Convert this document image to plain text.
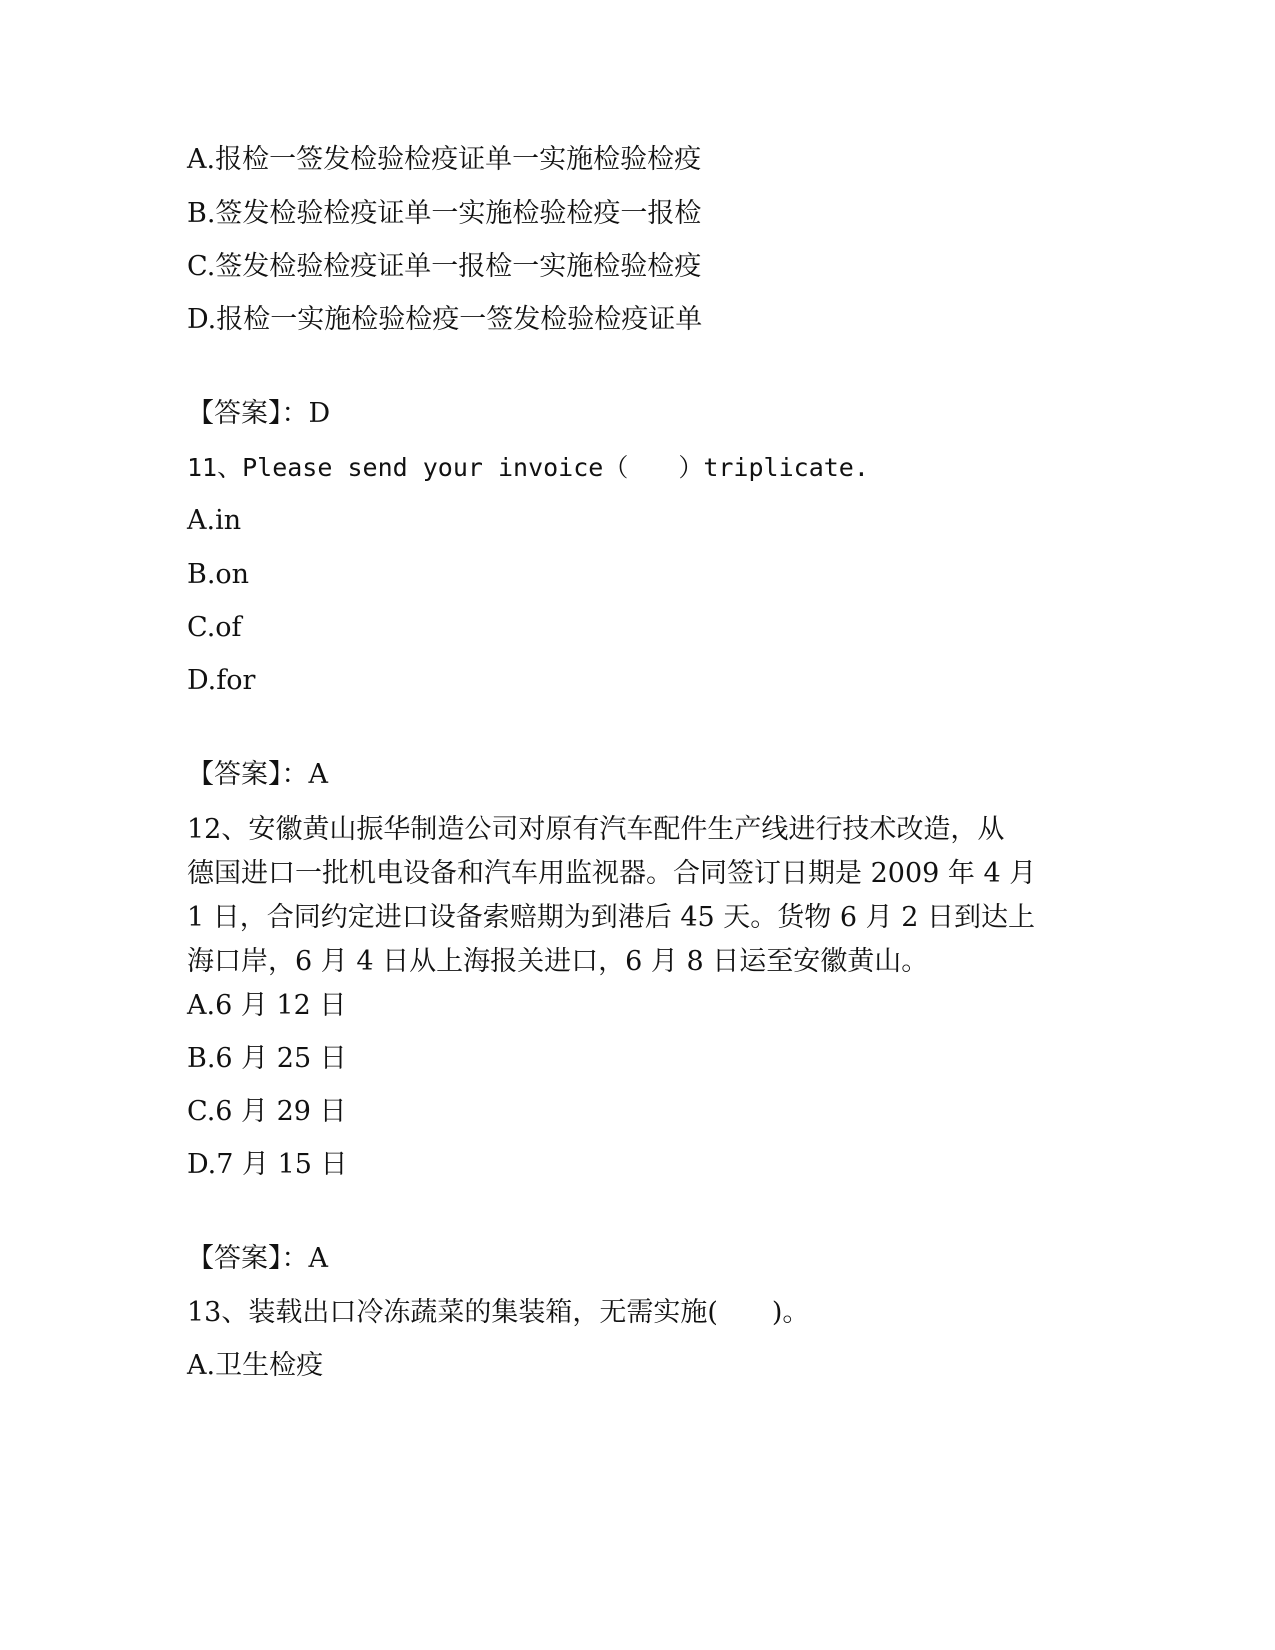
A.报检一签发检验检疫证单一实施检验检疫
B.签发检验检疫证单一实施检验检疫一报检
C.签发检验检疫证单一报检一实施检验检疫
D.报检一实施检验检疫一签发检验检疫证单
【答案】：D
11、Please send your invoice（　　）triplicate.
A.in
B.on
C.of
D.for
【答案】：A
12、安徽黄山振华制造公司对原有汽车配件生产线进行技术改造，从
德国进口一批机电设备和汽车用监视器。合同签订日期是 2009 年 4 月
1 日，合同约定进口设备索赔期为到港后 45 天。货物 6 月 2 日到达上
海口岸，6 月 4 日从上海报关进口，6 月 8 日运至安徽黄山。
A.6 月 12 日
B.6 月 25 日
C.6 月 29 日
D.7 月 15 日
【答案】：A
13、装载出口冷冻蔬菜的集装箱，无需实施(　　)。
A.卫生检疫
